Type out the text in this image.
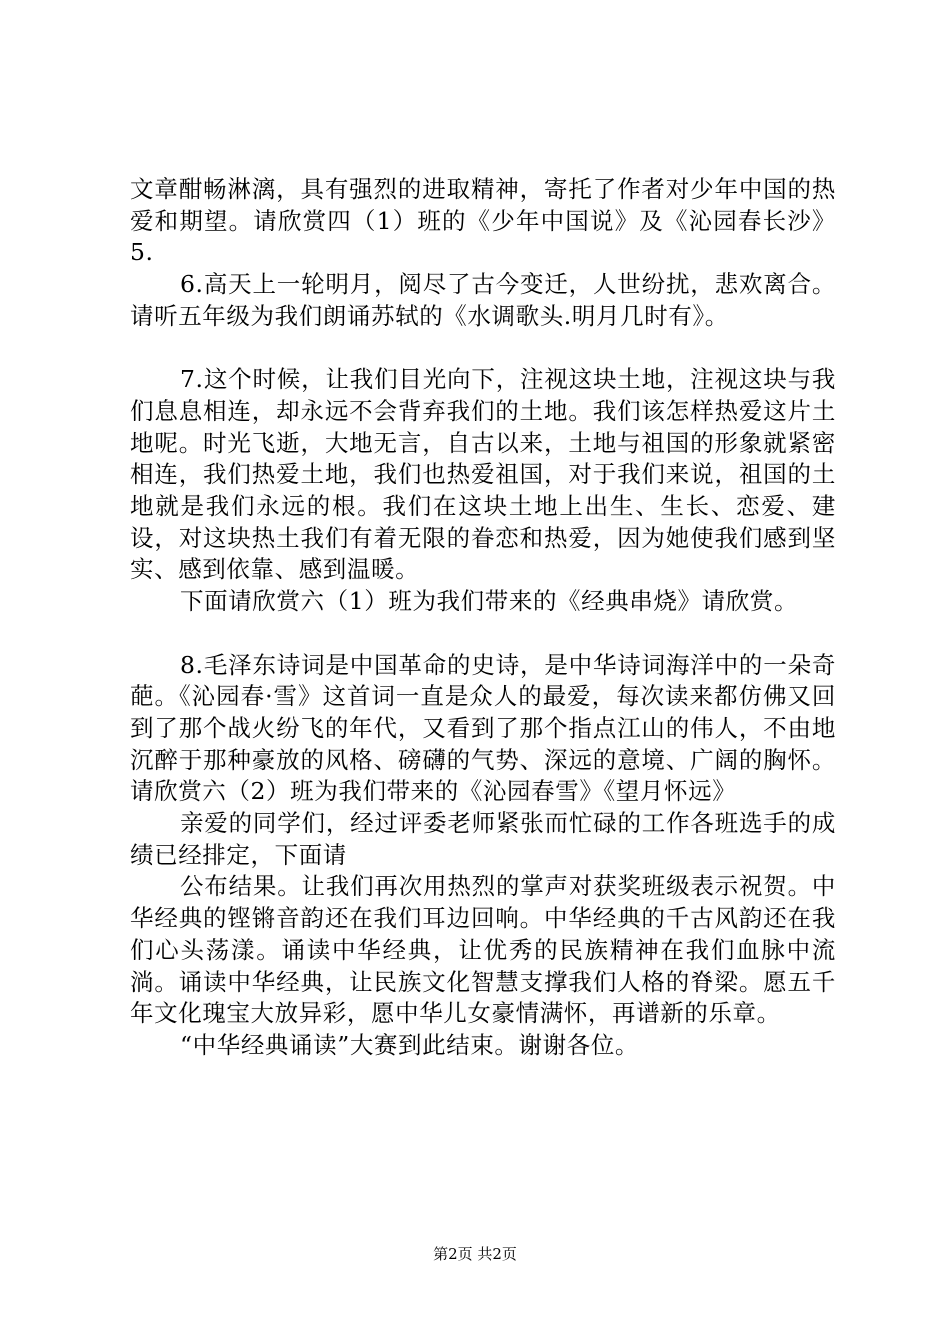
文章酣畅淋漓，具有强烈的进取精神，寄托了作者对少年中国的热爱和期望。请欣赏四（1）班的《少年中国说》及《沁园春长沙》5.

6.高天上一轮明月，阅尽了古今变迁，人世纷扰，悲欢离合。请听五年级为我们朗诵苏轼的《水调歌头.明月几时有》。

7.这个时候，让我们目光向下，注视这块土地，注视这块与我们息息相连，却永远不会背弃我们的土地。我们该怎样热爱这片土地呢。时光飞逝，大地无言，自古以来，土地与祖国的形象就紧密相连，我们热爱土地，我们也热爱祖国，对于我们来说，祖国的土地就是我们永远的根。我们在这块土地上出生、生长、恋爱、建设，对这块热土我们有着无限的眷恋和热爱，因为她使我们感到坚实、感到依靠、感到温暖。

下面请欣赏六（1）班为我们带来的《经典串烧》请欣赏。

8.毛泽东诗词是中国革命的史诗，是中华诗词海洋中的一朵奇葩。《沁园春·雪》这首词一直是众人的最爱，每次读来都仿佛又回到了那个战火纷飞的年代，又看到了那个指点江山的伟人，不由地沉醉于那种豪放的风格、磅礴的气势、深远的意境、广阔的胸怀。请欣赏六（2）班为我们带来的《沁园春雪》《望月怀远》

亲爱的同学们，经过评委老师紧张而忙碌的工作各班选手的成绩已经排定，下面请

公布结果。让我们再次用热烈的掌声对获奖班级表示祝贺。中华经典的铿锵音韵还在我们耳边回响。中华经典的千古风韵还在我们心头荡漾。诵读中华经典，让优秀的民族精神在我们血脉中流淌。诵读中华经典，让民族文化智慧支撑我们人格的脊梁。愿五千年文化瑰宝大放异彩，愿中华儿女豪情满怀，再谱新的乐章。

“中华经典诵读”大赛到此结束。谢谢各位。

第2页 共2页
